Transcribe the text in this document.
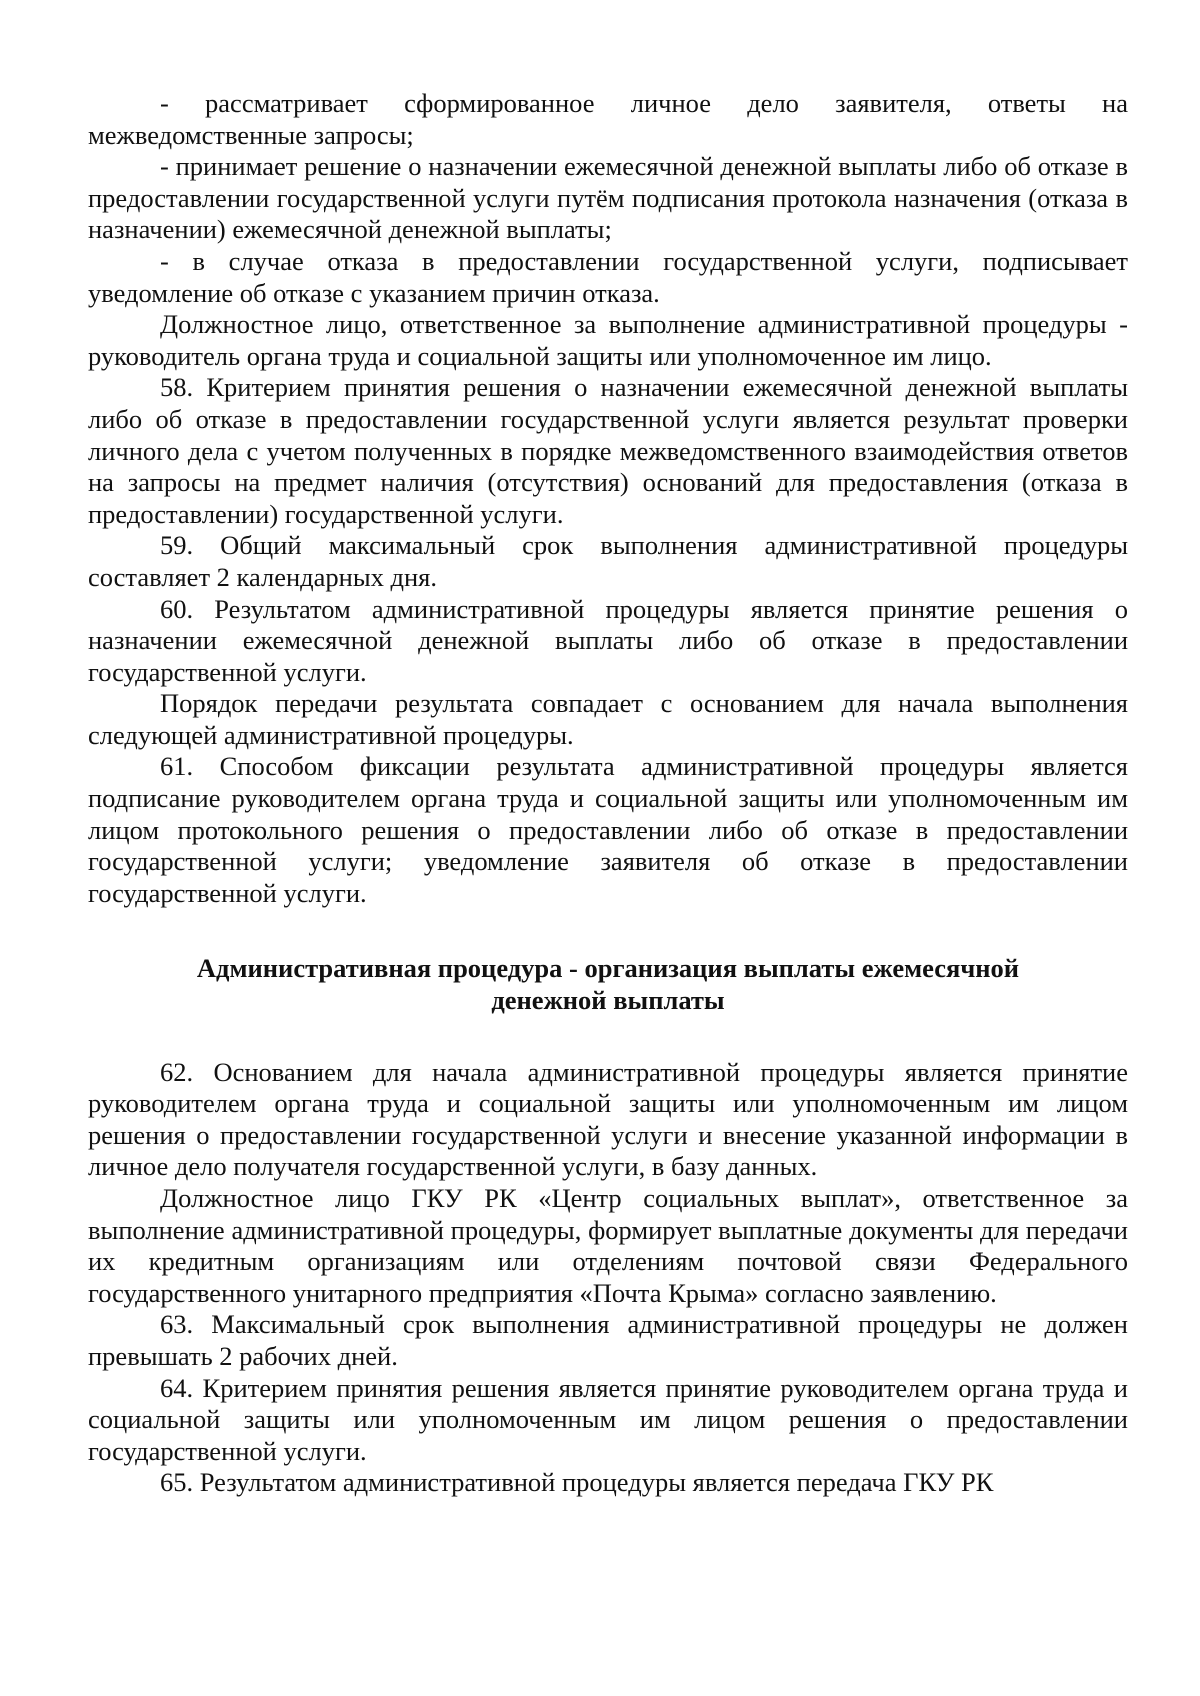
- рассматривает сформированное личное дело заявителя, ответы на межведомственные запросы;

- принимает решение о назначении ежемесячной денежной выплаты либо об отказе в предоставлении государственной услуги путём подписания протокола назначения (отказа в назначении) ежемесячной денежной выплаты;

- в случае отказа в предоставлении государственной услуги, подписывает уведомление об отказе с указанием причин отказа.

Должностное лицо, ответственное за выполнение административной процедуры - руководитель органа труда и социальной защиты или уполномоченное им лицо.

58. Критерием принятия решения о назначении ежемесячной денежной выплаты либо об отказе в предоставлении государственной услуги является результат проверки личного дела с учетом полученных в порядке межведомственного взаимодействия ответов на запросы на предмет наличия (отсутствия) оснований для предоставления (отказа в предоставлении) государственной услуги.

59. Общий максимальный срок выполнения административной процедуры составляет 2 календарных дня.

60. Результатом административной процедуры является принятие решения о назначении ежемесячной денежной выплаты либо об отказе в предоставлении государственной услуги.

Порядок передачи результата совпадает с основанием для начала выполнения следующей административной процедуры.

61. Способом фиксации результата административной процедуры является подписание руководителем органа труда и социальной защиты или уполномоченным им лицом протокольного решения о предоставлении либо об отказе в предоставлении государственной услуги; уведомление заявителя об отказе в предоставлении государственной услуги.

Административная процедура - организация выплаты ежемесячной
денежной выплаты

62. Основанием для начала административной процедуры является принятие руководителем органа труда и социальной защиты или уполномоченным им лицом решения о предоставлении государственной услуги и внесение указанной информации в личное дело получателя государственной услуги, в базу данных.

Должностное лицо ГКУ РК «Центр социальных выплат», ответственное за выполнение административной процедуры, формирует выплатные документы для передачи их кредитным организациям или отделениям почтовой связи Федерального государственного унитарного предприятия «Почта Крыма» согласно заявлению.

63. Максимальный срок выполнения административной процедуры не должен превышать 2 рабочих дней.

64. Критерием принятия решения является принятие руководителем органа труда и социальной защиты или уполномоченным им лицом решения о предоставлении государственной услуги.

65. Результатом административной процедуры является передача ГКУ РК
